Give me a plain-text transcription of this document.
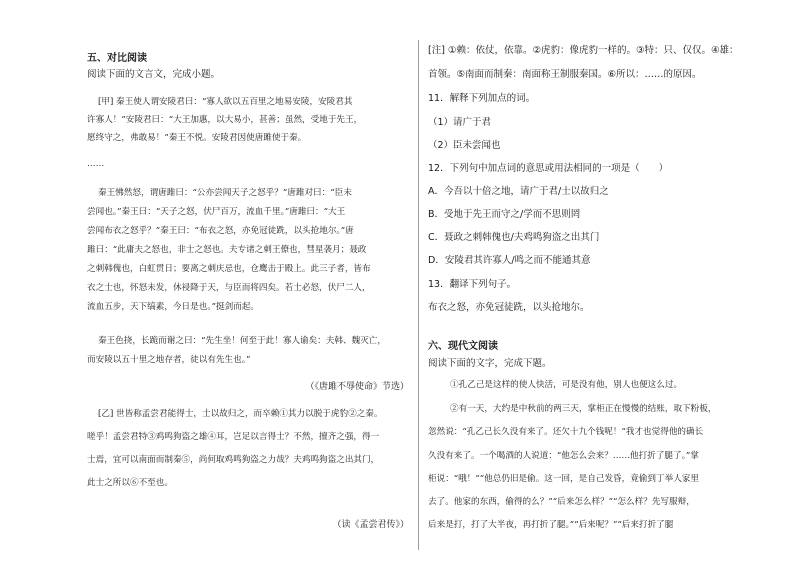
五、对比阅读
阅读下面的文言文，完成小题。
[甲] 秦王使人谓安陵君曰：“寡人欲以五百里之地易安陵，安陵君其
许寡人！”安陵君曰：“大王加惠，以大易小，甚善；虽然，受地于先王，
愿终守之，弗敢易！”秦王不悦。安陵君因使唐雎使于秦。
……
秦王怫然怒，谓唐雎曰：“公亦尝闻天子之怒乎？”唐雎对曰：“臣未
尝闻也。”秦王曰：“天子之怒，伏尸百万，流血千里。”唐雎曰：“大王
尝闻布衣之怒乎？”秦王曰：“布衣之怒，亦免冠徒跣，以头抢地尔。”唐
雎曰：“此庸夫之怒也，非士之怒也。夫专诸之刺王僚也，彗星袭月；聂政
之刺韩傀也，白虹贯日；要离之刺庆忌也，仓鹰击于殿上。此三子者，皆布
衣之士也，怀怒未发，休祲降于天，与臣而将四矣。若士必怒，伏尸二人，
流血五步，天下缟素，今日是也。”挺剑而起。
秦王色挠，长跪而谢之曰：“先生坐！何至于此！寡人谕矣：夫韩、魏灭亡，
而安陵以五十里之地存者，徒以有先生也。”
（《唐雎不辱使命》节选）
[乙] 世皆称孟尝君能得士，士以故归之，而卒赖①其力以脱于虎豹②之秦。
嗟乎！孟尝君特③鸡鸣狗盗之雄④耳，岂足以言得士？不然，擅齐之强，得一
士焉，宜可以南面而制秦⑤，尚何取鸡鸣狗盗之力哉？夫鸡鸣狗盗之出其门，
此士之所以⑥不至也。
（读《孟尝君传》）
[注] ①赖：依仗，依靠。②虎豹：像虎豹一样的。③特：只、仅仅。④雄：
首领。⑤南面而制秦：南面称王制服秦国。⑥所以：……的原因。
11．解释下列加点的词。
（1）请广于君
（2）臣未尝闻也
12．下列句中加点词的意思或用法相同的一项是（　　）
A．今吾以十倍之地，请广于君/士以故归之
B．受地于先王而守之/学而不思则罔
C．聂政之刺韩傀也/夫鸡鸣狗盗之出其门
D．安陵君其许寡人/鸣之而不能通其意
13．翻译下列句子。
布衣之怒，亦免冠徒跣，以头抢地尔。
六、现代文阅读
阅读下面的文字，完成下题。
①孔乙己是这样的使人快活，可是没有他，别人也便这么过。
②有一天，大约是中秋前的两三天，掌柜正在慢慢的结账，取下粉板，
忽然说：“孔乙己长久没有来了。还欠十九个钱呢！”我才也觉得他的确长
久没有来了。一个喝酒的人说道：“他怎么会来？……他打折了腿了。”掌
柜说：“哦！”“他总仍旧是偷。这一回，是自己发昏，竟偷到丁举人家里
去了。他家的东西，偷得的么？”“后来怎么样？”“怎么样？先写服辩，
后来是打，打了大半夜，再打折了腿。”“后来呢？”“后来打折了腿
